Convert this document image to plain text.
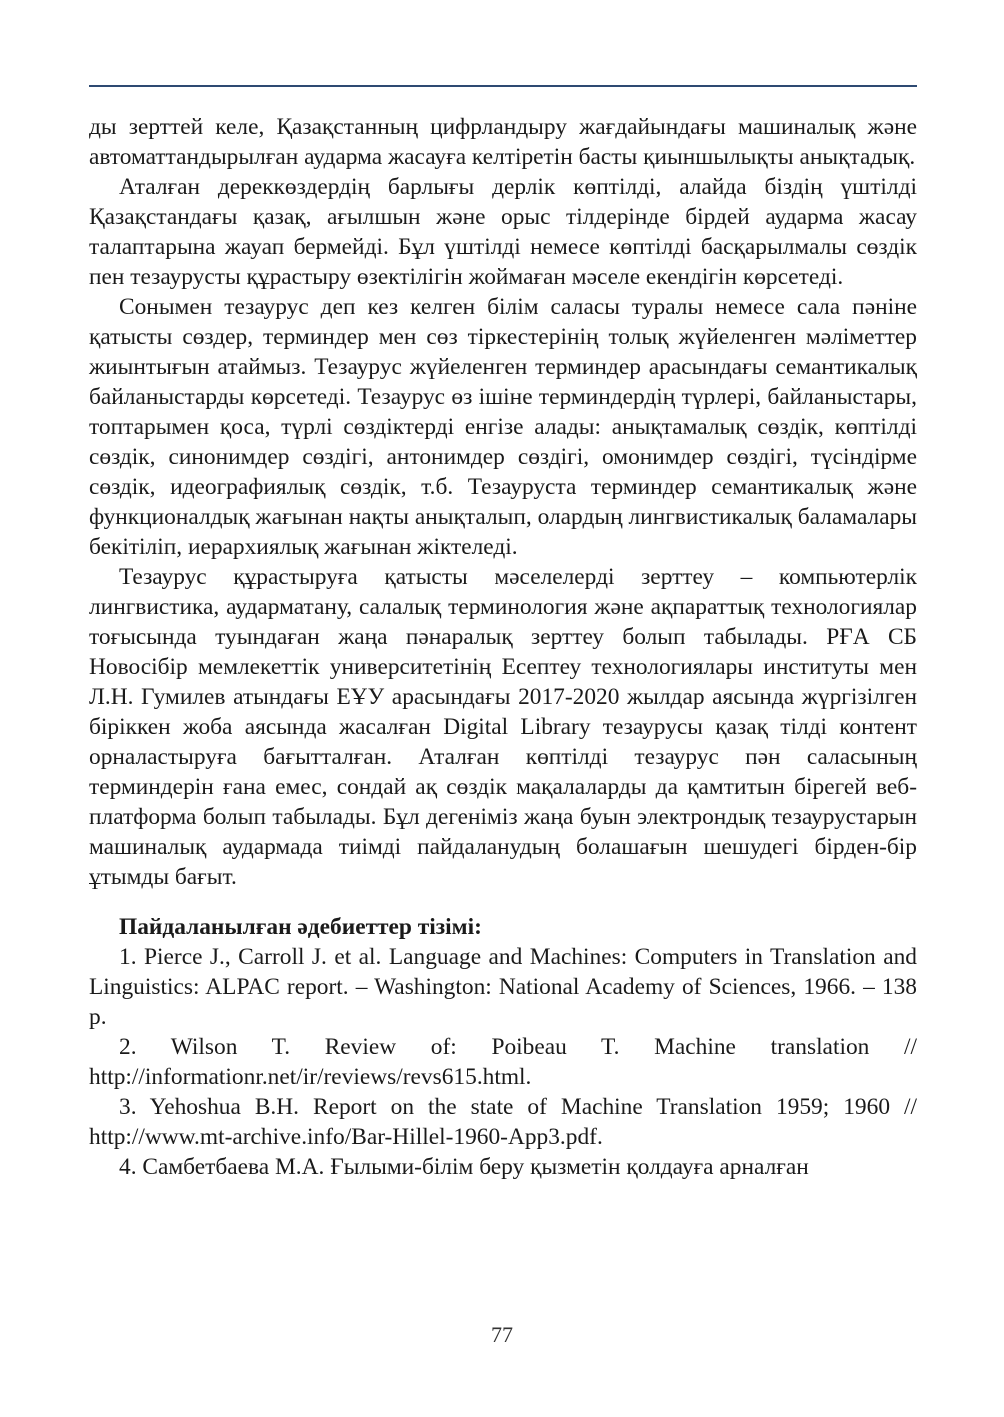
ды зерттей келе, Қазақстанның цифрландыру жағдайындағы машиналық және автоматтандырылған аударма жасауға келтіретін басты қиыншылықты анықтадық.

Аталған дереккөздердің барлығы дерлік көптілді, алайда біздің үштілді Қазақстандағы қазақ, ағылшын және орыс тілдерінде бірдей аударма жасау талаптарына жауап бермейді. Бұл үштілді немесе көптілді басқарылмалы сөздік пен тезаурусты құрастыру өзектілігін жоймаған мәселе екендігін көрсетеді.

Сонымен тезаурус деп кез келген білім саласы туралы немесе сала пәніне қатысты сөздер, терминдер мен сөз тіркестерінің толық жүйеленген мәліметтер жиынтығын атаймыз. Тезаурус жүйеленген терминдер арасындағы семантикалық байланыстарды көрсетеді. Тезаурус өз ішіне терминдердің түрлері, байланыстары, топтарымен қоса, түрлі сөздіктерді енгізе алады: анықтамалық сөздік, көптілді сөздік, синонимдер сөздігі, антонимдер сөздігі, омонимдер сөздігі, түсіндірме сөздік, идеографиялық сөздік, т.б. Тезауруста терминдер семантикалық және функционалдық жағынан нақты анықталып, олардың лингвистикалық баламалары бекітіліп, иерархиялық жағынан жіктеледі.

Тезаурус құрастыруға қатысты мәселелерді зерттеу – компьютерлік лингвистика, аударматану, салалық терминология және ақпараттық технологиялар тоғысында туындаған жаңа пәнаралық зерттеу болып табылады. РҒА СБ Новосібір мемлекеттік университетінің Есептеу технологиялары институты мен Л.Н. Гумилев атындағы ЕҰУ арасындағы 2017-2020 жылдар аясында жүргізілген біріккен жоба аясында жасалған Digital Library тезаурусы қазақ тілді контент орналастыруға бағытталған. Аталған көптілді тезаурус пән саласының терминдерін ғана емес, сондай ақ сөздік мақалаларды да қамтитын бірегей веб-платформа болып табылады. Бұл дегеніміз жаңа буын электрондық тезаурустарын машиналық аудармада тиімді пайдаланудың болашағын шешудегі бірден-бір ұтымды бағыт.

Пайдаланылған әдебиеттер тізімі:

1. Pierce J., Carroll J. et al. Language and Machines: Computers in Translation and Linguistics: ALPAC report. – Washington: National Academy of Sciences, 1966. – 138 p.

2. Wilson T. Review of: Poibeau T. Machine translation // http://informationr.net/ir/reviews/revs615.html.

3. Yehoshua B.H. Report on the state of Machine Translation 1959; 1960 // http://www.mt-archive.info/Bar-Hillel-1960-App3.pdf.

4. Самбетбаева М.А. Ғылыми-білім беру қызметін қолдауға арналған

77
